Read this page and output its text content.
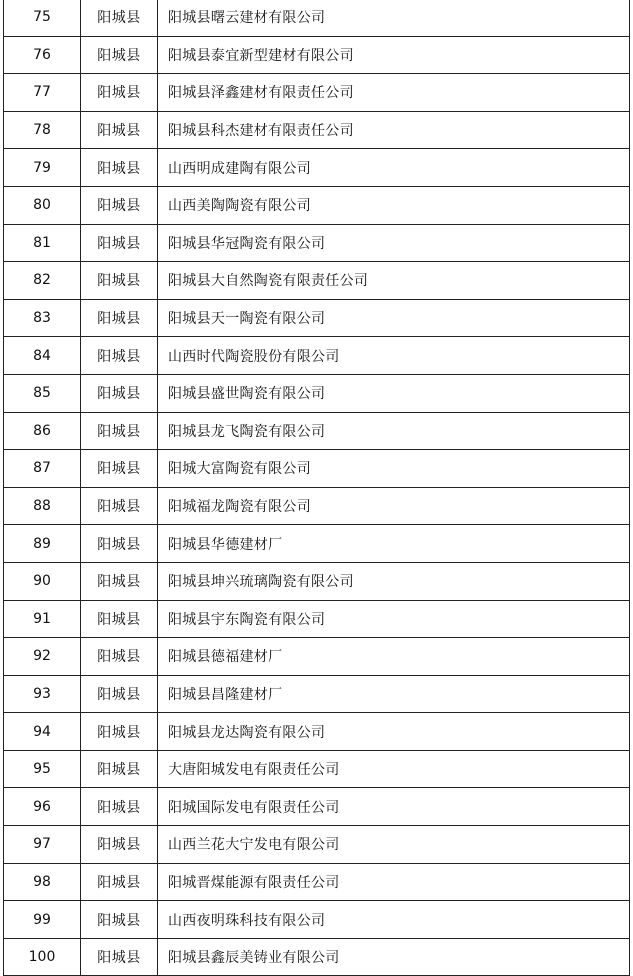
75	阳城县	阳城县曙云建材有限公司
76	阳城县	阳城县泰宜新型建材有限公司
77	阳城县	阳城县泽鑫建材有限责任公司
78	阳城县	阳城县科杰建材有限责任公司
79	阳城县	山西明成建陶有限公司
80	阳城县	山西美陶陶瓷有限公司
81	阳城县	阳城县华冠陶瓷有限公司
82	阳城县	阳城县大自然陶瓷有限责任公司
83	阳城县	阳城县天一陶瓷有限公司
84	阳城县	山西时代陶瓷股份有限公司
85	阳城县	阳城县盛世陶瓷有限公司
86	阳城县	阳城县龙飞陶瓷有限公司
87	阳城县	阳城大富陶瓷有限公司
88	阳城县	阳城福龙陶瓷有限公司
89	阳城县	阳城县华德建材厂
90	阳城县	阳城县坤兴琉璃陶瓷有限公司
91	阳城县	阳城县宇东陶瓷有限公司
92	阳城县	阳城县德福建材厂
93	阳城县	阳城县昌隆建材厂
94	阳城县	阳城县龙达陶瓷有限公司
95	阳城县	大唐阳城发电有限责任公司
96	阳城县	阳城国际发电有限责任公司
97	阳城县	山西兰花大宁发电有限公司
98	阳城县	阳城晋煤能源有限责任公司
99	阳城县	山西夜明珠科技有限公司
100	阳城县	阳城县鑫辰美铸业有限公司
